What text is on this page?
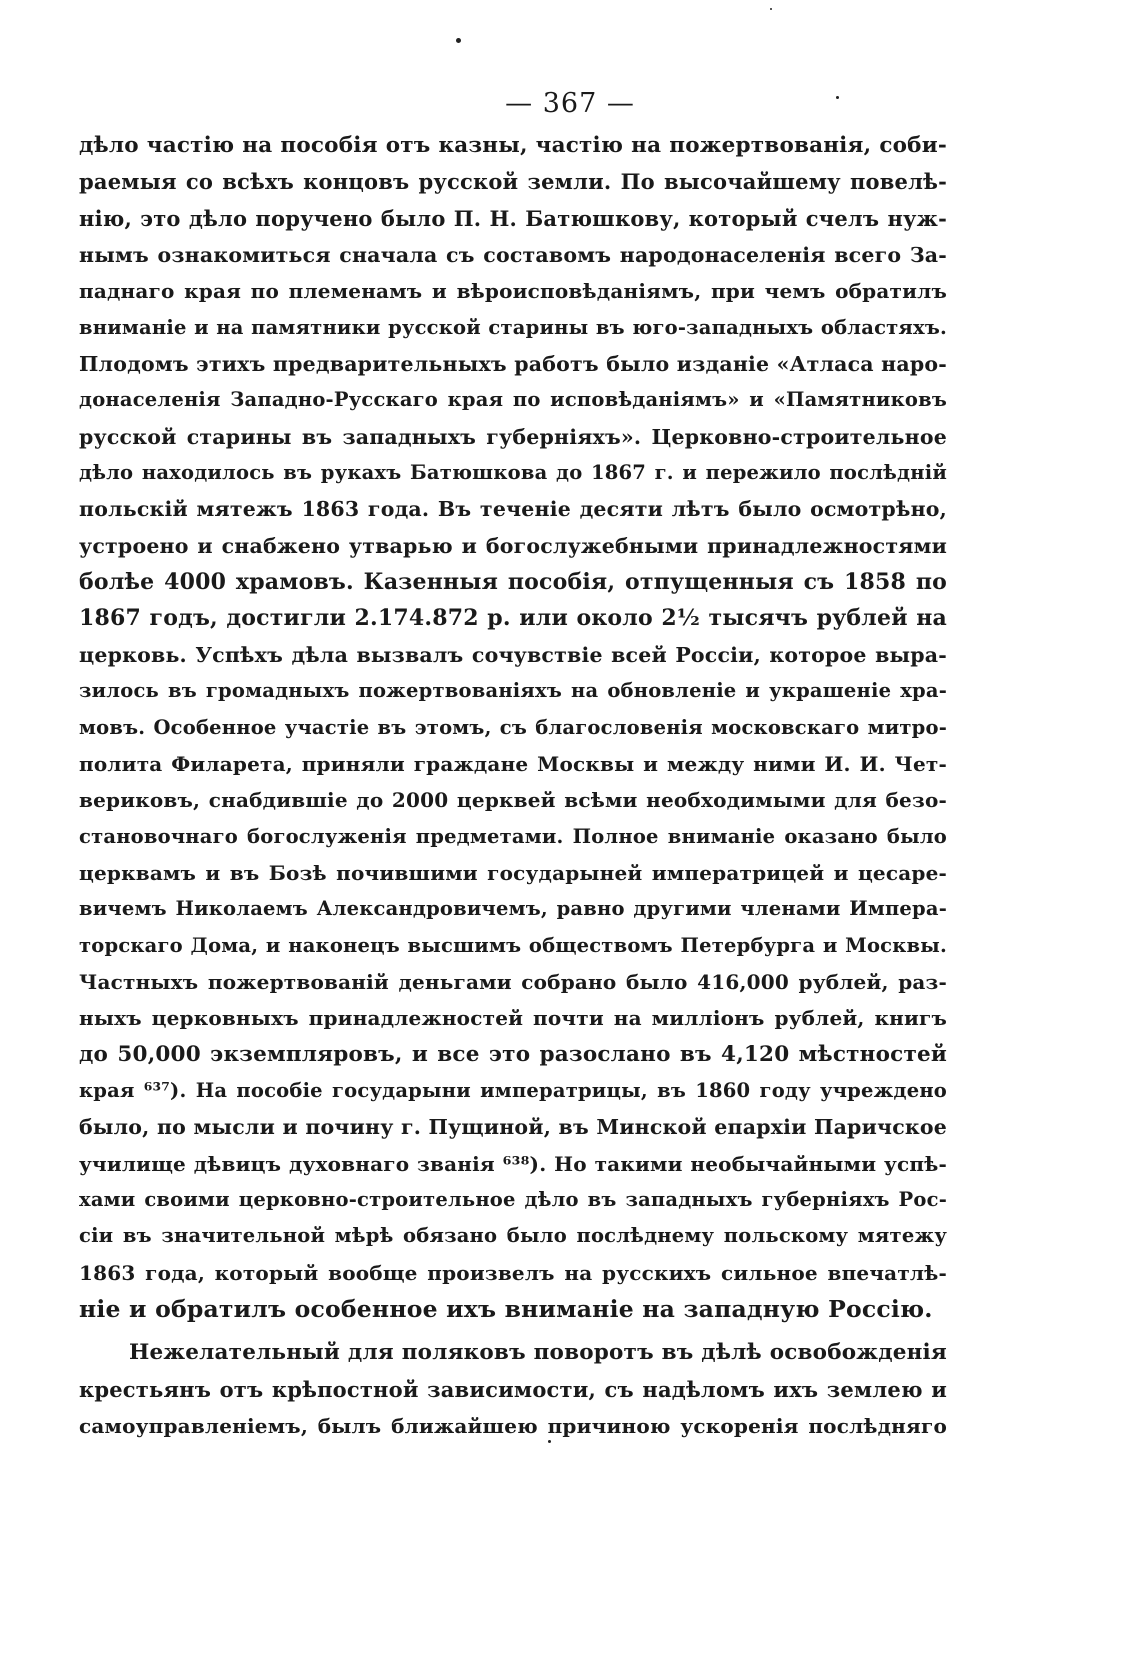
— 367 —
дѣло частію на пособія отъ казны, частію на пожертвованія, соби-
раемыя со всѣхъ концовъ русской земли. По высочайшему повелѣ-
нію, это дѣло поручено было П. Н. Батюшкову, который счелъ нуж-
нымъ ознакомиться сначала съ составомъ народонаселенія всего За-
паднаго края по племенамъ и вѣроисповѣданіямъ, при чемъ обратилъ
вниманіе и на памятники русской старины въ юго-западныхъ областяхъ.
Плодомъ этихъ предварительныхъ работъ было изданіе «Атласа наро-
донаселенія Западно-Русскаго края по исповѣданіямъ» и «Памятниковъ
русской старины въ западныхъ губерніяхъ». Церковно-строительное
дѣло находилось въ рукахъ Батюшкова до 1867 г. и пережило послѣдній
польскій мятежъ 1863 года. Въ теченіе десяти лѣтъ было осмотрѣно,
устроено и снабжено утварью и богослужебными принадлежностями
болѣе 4000 храмовъ. Казенныя пособія, отпущенныя съ 1858 по
1867 годъ, достигли 2.174.872 р. или около 2½ тысячъ рублей на
церковь. Успѣхъ дѣла вызвалъ сочувствіе всей Россіи, которое выра-
зилось въ громадныхъ пожертвованіяхъ на обновленіе и украшеніе хра-
мовъ. Особенное участіе въ этомъ, съ благословенія московскаго митро-
полита Филарета, приняли граждане Москвы и между ними И. И. Чет-
вериковъ, снабдившіе до 2000 церквей всѣми необходимыми для безо-
становочнаго богослуженія предметами. Полное вниманіе оказано было
церквамъ и въ Бозѣ почившими государыней императрицей и цесаре-
вичемъ Николаемъ Александровичемъ, равно другими членами Импера-
торскаго Дома, и наконецъ высшимъ обществомъ Петербурга и Москвы.
Частныхъ пожертвованій деньгами собрано было 416,000 рублей, раз-
ныхъ церковныхъ принадлежностей почти на милліонъ рублей, книгъ
до 50,000 экземпляровъ, и все это разослано въ 4,120 мѣстностей
края ⁶³⁷). На пособіе государыни императрицы, въ 1860 году учреждено
было, по мысли и почину г. Пущиной, въ Минской епархіи Паричское
училище дѣвицъ духовнаго званія ⁶³⁸). Но такими необычайными успѣ-
хами своими церковно-строительное дѣло въ западныхъ губерніяхъ Рос-
сіи въ значительной мѣрѣ обязано было послѣднему польскому мятежу
1863 года, который вообще произвелъ на русскихъ сильное впечатлѣ-
ніе и обратилъ особенное ихъ вниманіе на западную Россію.
Нежелательный для поляковъ поворотъ въ дѣлѣ освобожденія
крестьянъ отъ крѣпостной зависимости, съ надѣломъ ихъ землею и
самоуправленіемъ, былъ ближайшею причиною ускоренія послѣдняго
